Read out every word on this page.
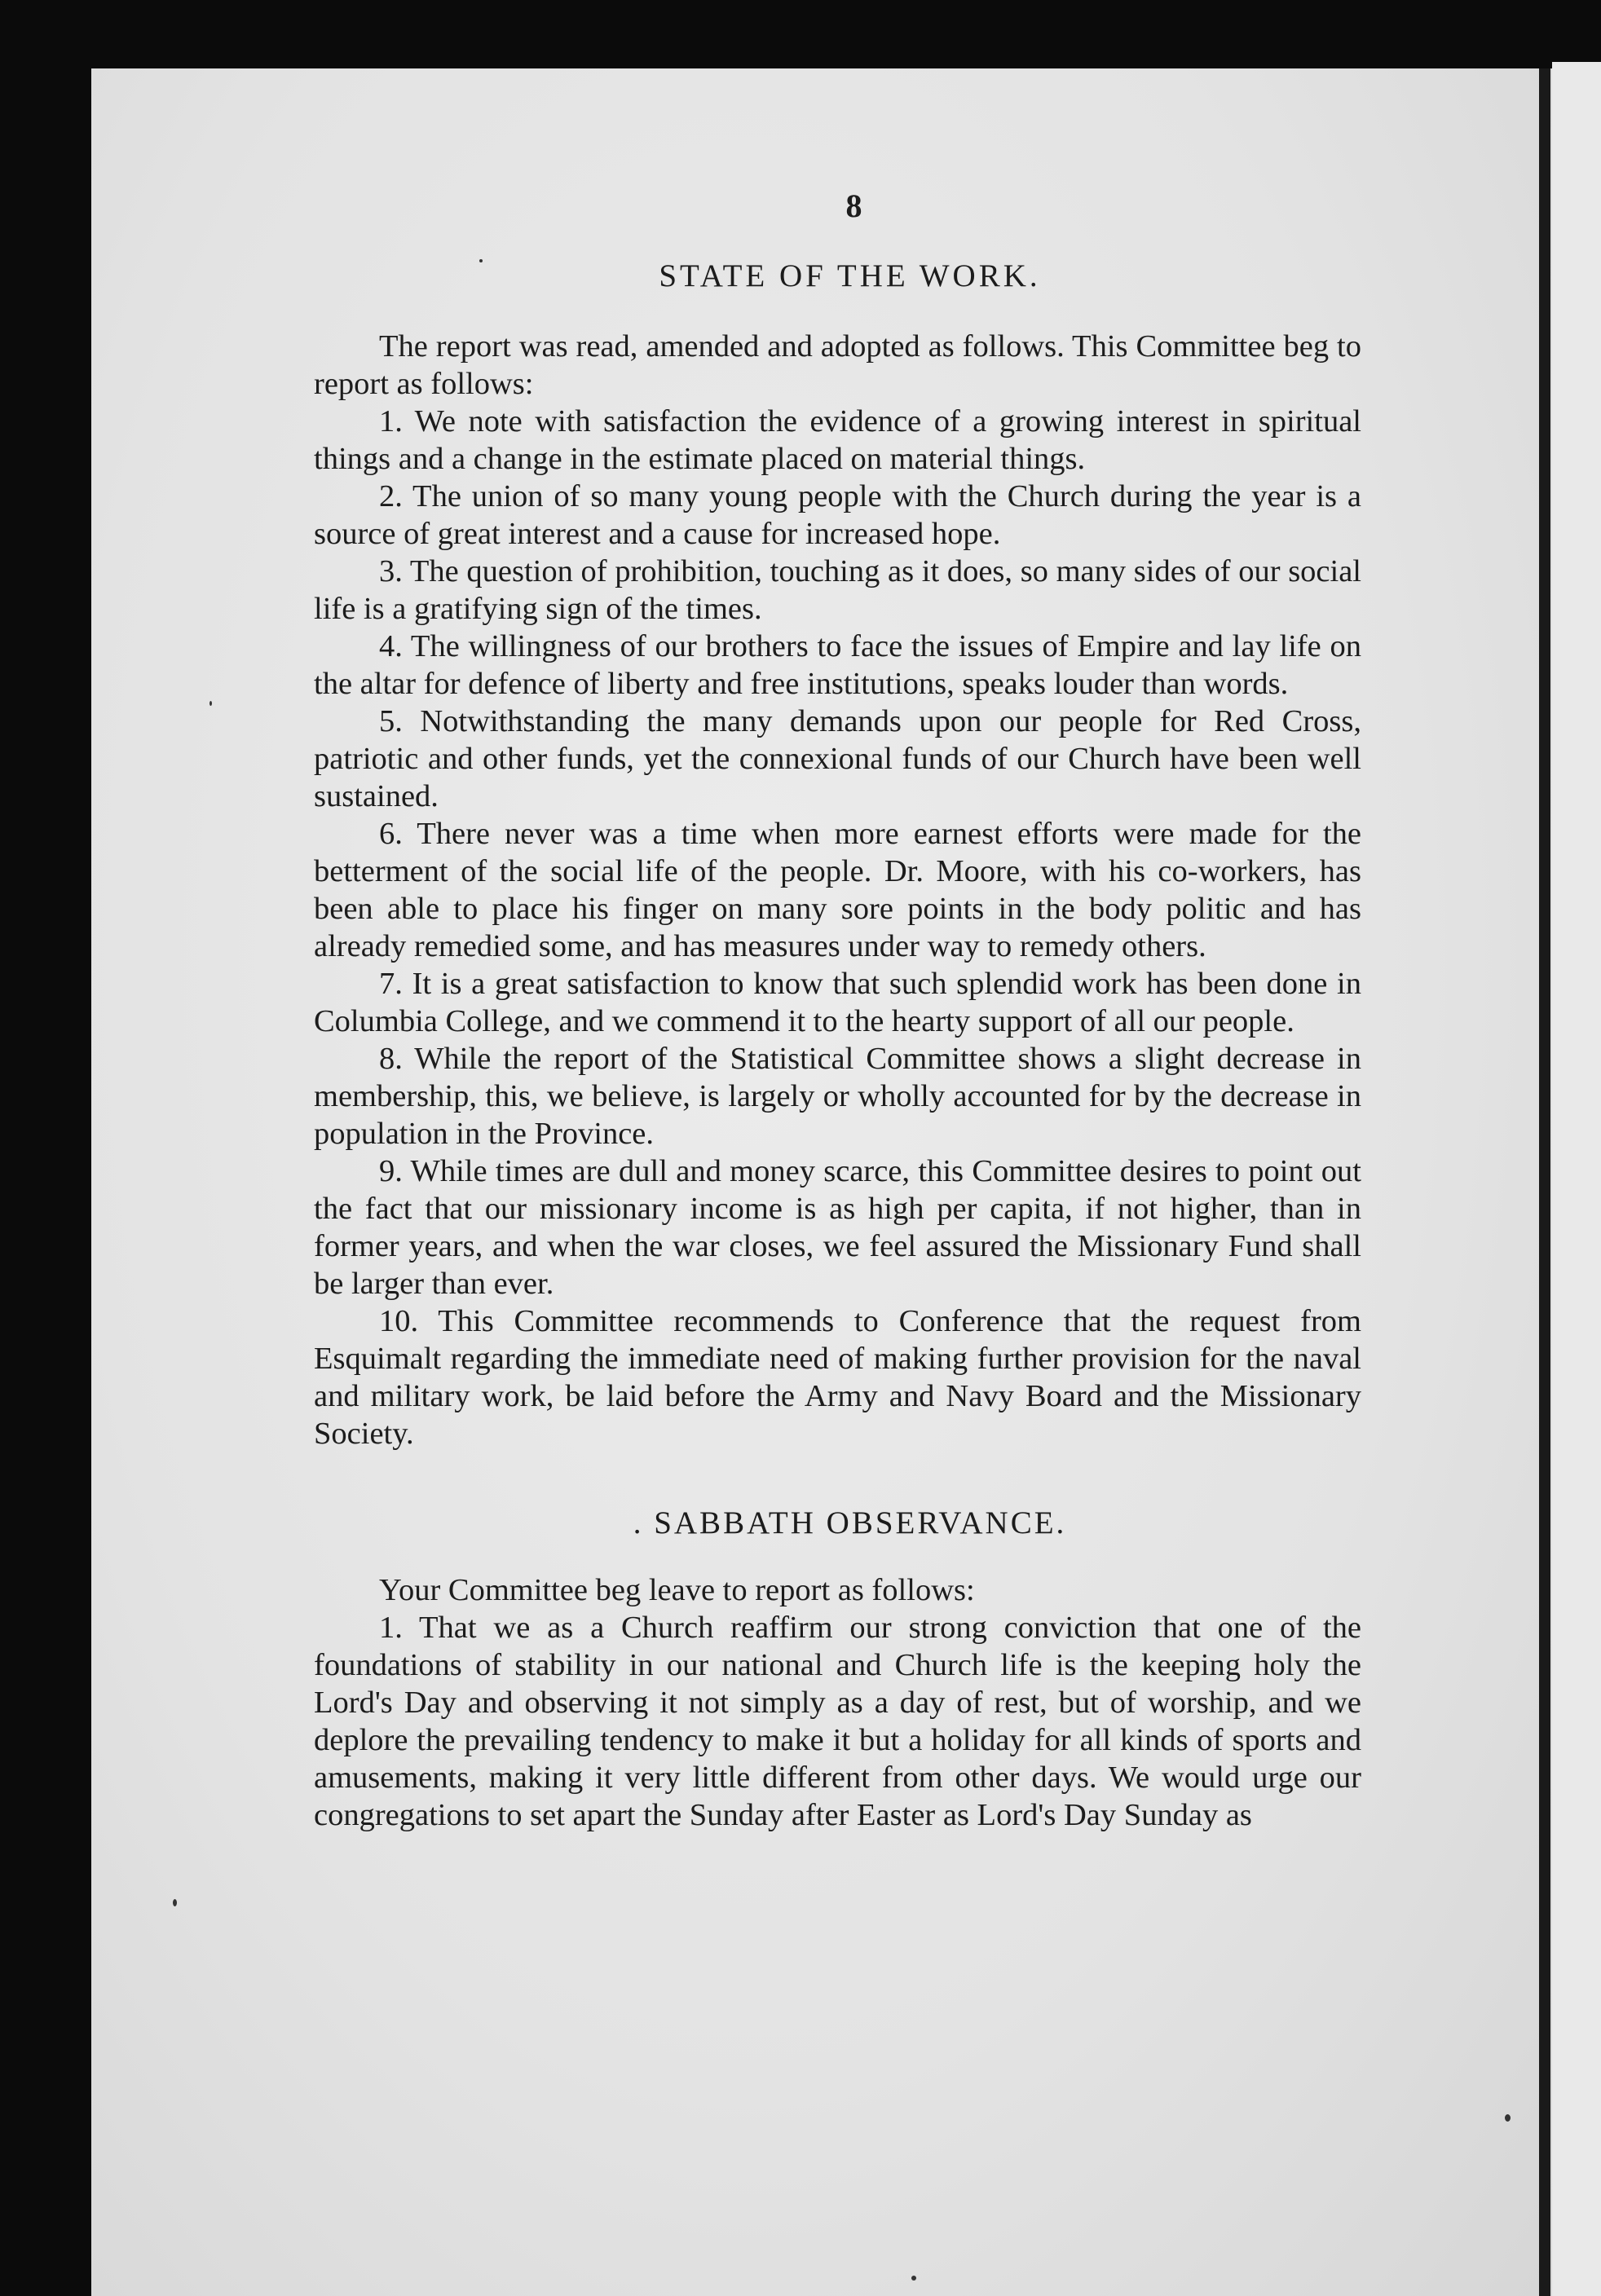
8
STATE OF THE WORK.

The report was read, amended and adopted as follows. This Committee beg to report as follows:

1. We note with satisfaction the evidence of a growing interest in spiritual things and a change in the estimate placed on material things.

2. The union of so many young people with the Church during the year is a source of great interest and a cause for increased hope.

3. The question of prohibition, touching as it does, so many sides of our social life is a gratifying sign of the times.

4. The willingness of our brothers to face the issues of Empire and lay life on the altar for defence of liberty and free institutions, speaks louder than words.

5. Notwithstanding the many demands upon our people for Red Cross, patriotic and other funds, yet the connexional funds of our Church have been well sustained.

6. There never was a time when more earnest efforts were made for the betterment of the social life of the people. Dr. Moore, with his co-workers, has been able to place his finger on many sore points in the body politic and has already remedied some, and has measures under way to remedy others.

7. It is a great satisfaction to know that such splendid work has been done in Columbia College, and we commend it to the hearty support of all our people.

8. While the report of the Statistical Committee shows a slight decrease in membership, this, we believe, is largely or wholly accounted for by the decrease in population in the Province.

9. While times are dull and money scarce, this Committee desires to point out the fact that our missionary income is as high per capita, if not higher, than in former years, and when the war closes, we feel assured the Missionary Fund shall be larger than ever.

10. This Committee recommends to Conference that the request from Esquimalt regarding the immediate need of making further provision for the naval and military work, be laid before the Army and Navy Board and the Missionary Society.

. SABBATH OBSERVANCE.

Your Committee beg leave to report as follows:

1. That we as a Church reaffirm our strong conviction that one of the foundations of stability in our national and Church life is the keeping holy the Lord's Day and observing it not simply as a day of rest, but of worship, and we deplore the prevailing tendency to make it but a holiday for all kinds of sports and amusements, making it very little different from other days. We would urge our congregations to set apart the Sunday after Easter as Lord's Day Sunday as
